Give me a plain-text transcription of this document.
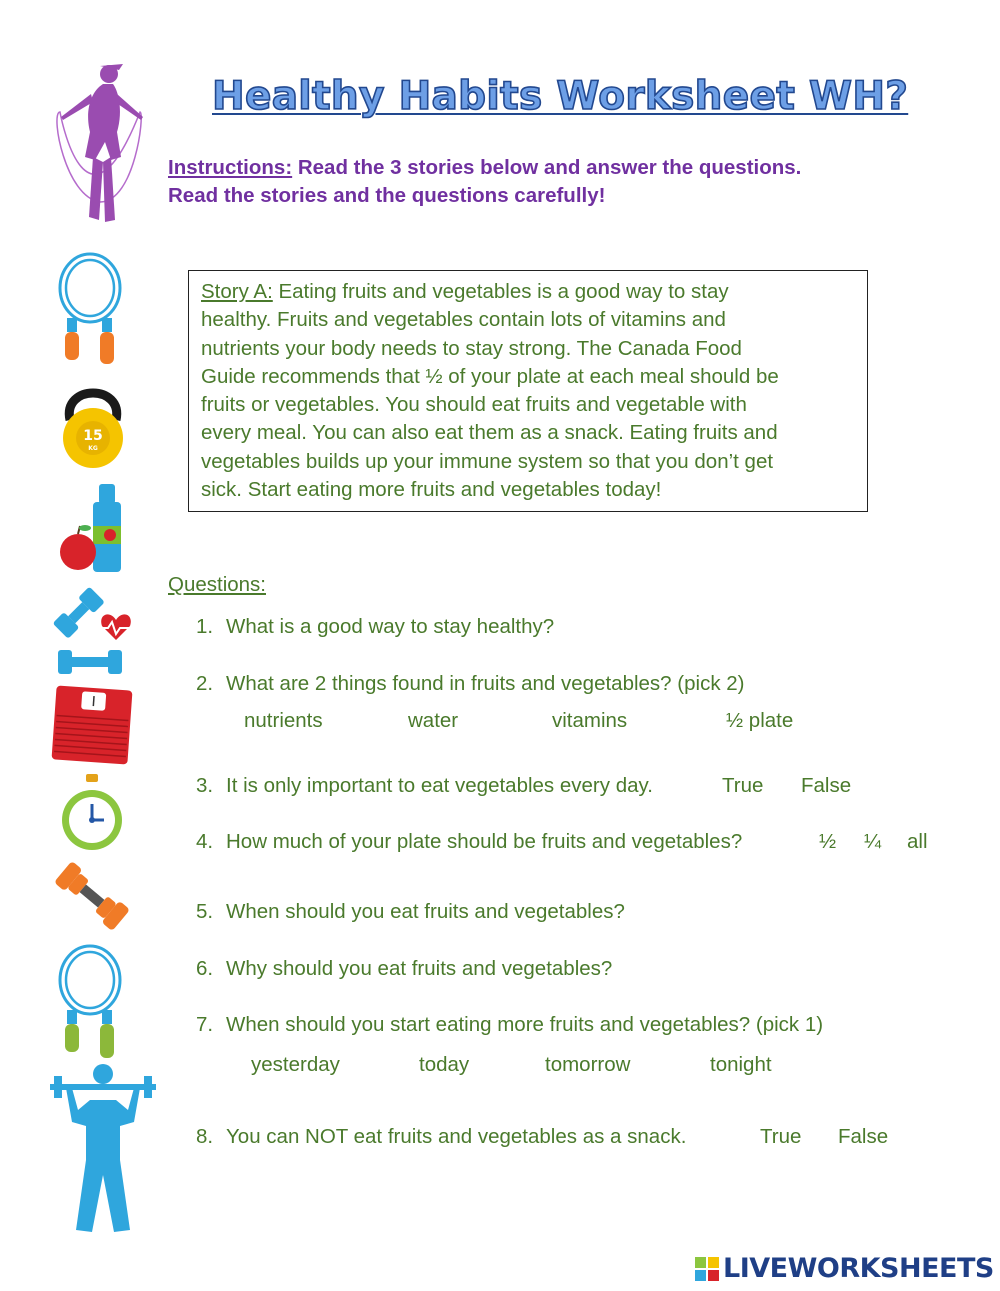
15
KG
Healthy Habits Worksheet WH?
Instructions: Read the 3 stories below and answer the questions.
Read the stories and the questions carefully!
Story A: Eating fruits and vegetables is a good way to stay
healthy. Fruits and vegetables contain lots of vitamins and
nutrients your body needs to stay strong. The Canada Food
Guide recommends that ½ of your plate at each meal should be
fruits or vegetables. You should eat fruits and vegetable with
every meal. You can also eat them as a snack. Eating fruits and
vegetables builds up your immune system so that you don’t get
sick. Start eating more fruits and vegetables today!
Questions:
1. What is a good way to stay healthy?
2. What are 2 things found in fruits and vegetables? (pick 2)
nutrients	water	vitamins	½ plate
3. It is only important to eat vegetables every day.	True False
4. How much of your plate should be fruits and vegetables?	½ ¼ all
5. When should you eat fruits and vegetables?
6. Why should you eat fruits and vegetables?
7. When should you start eating more fruits and vegetables? (pick 1)
yesterday	today	tomorrow	tonight
8. You can NOT eat fruits and vegetables as a snack.	True False
LIVEWORKSHEETS
